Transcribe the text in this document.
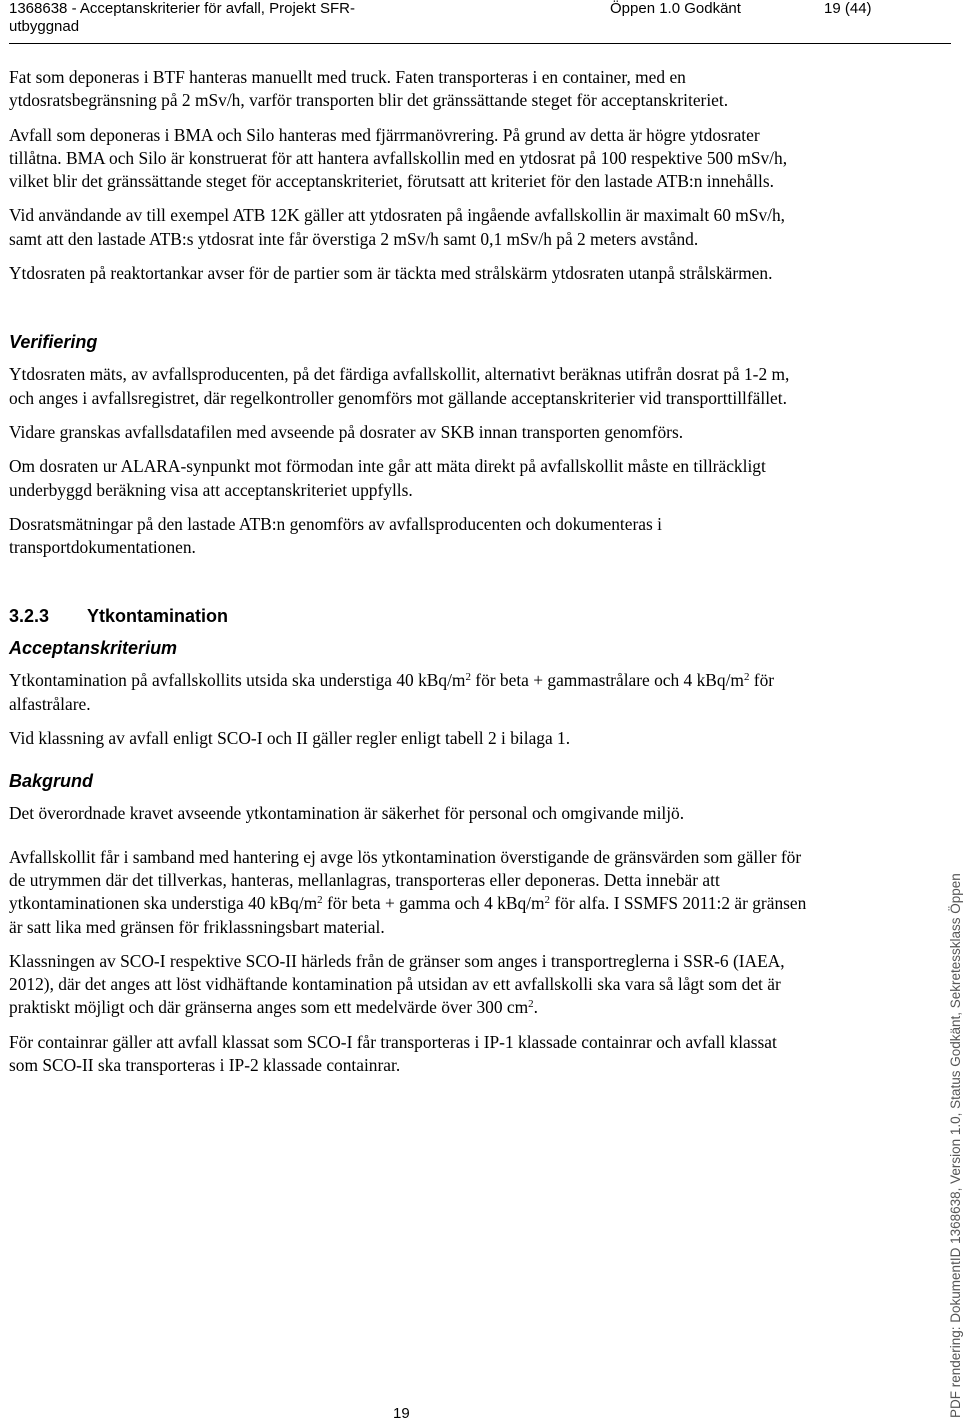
1368638 - Acceptanskriterier för avfall, Projekt SFR-utbyggnad
Öppen 1.0 Godkänt	19 (44)

Fat som deponeras i BTF hanteras manuellt med truck. Faten transporteras i en container, med en ytdosratsbegränsning på 2 mSv/h, varför transporten blir det gränssättande steget för acceptanskriteriet.

Avfall som deponeras i BMA och Silo hanteras med fjärrmanövrering. På grund av detta är högre ytdosrater tillåtna. BMA och Silo är konstruerat för att hantera avfallskollin med en ytdosrat på 100 respektive 500 mSv/h, vilket blir det gränssättande steget för acceptanskriteriet, förutsatt att kriteriet för den lastade ATB:n innehålls.

Vid användande av till exempel ATB 12K gäller att ytdosraten på ingående avfallskollin är maximalt 60 mSv/h, samt att den lastade ATB:s ytdosrat inte får överstiga 2 mSv/h samt 0,1 mSv/h på 2 meters avstånd.

Ytdosraten på reaktortankar avser för de partier som är täckta med strålskärm ytdosraten utanpå strålskärmen.

Verifiering

Ytdosraten mäts, av avfallsproducenten, på det färdiga avfallskollit, alternativt beräknas utifrån dosrat på 1-2 m, och anges i avfallsregistret, där regelkontroller genomförs mot gällande acceptanskriterier vid transporttillfället.

Vidare granskas avfallsdatafilen med avseende på dosrater av SKB innan transporten genomförs.

Om dosraten ur ALARA-synpunkt mot förmodan inte går att mäta direkt på avfallskollit måste en tillräckligt underbyggd beräkning visa att acceptanskriteriet uppfylls.

Dosratsmätningar på den lastade ATB:n genomförs av avfallsproducenten och dokumenteras i transportdokumentationen.

3.2.3 Ytkontamination
Acceptanskriterium

Ytkontamination på avfallskollits utsida ska understiga 40 kBq/$m^2$ för beta + gammastrålare och 4 kBq/$m^2$ för alfastrålare.

Vid klassning av avfall enligt SCO-I och II gäller regler enligt tabell 2 i bilaga 1.

Bakgrund

Det överordnade kravet avseende ytkontamination är säkerhet för personal och omgivande miljö.

Avfallskollit får i samband med hantering ej avge lös ytkontamination överstigande de gränsvärden som gäller för de utrymmen där det tillverkas, hanteras, mellanlagras, transporteras eller deponeras. Detta innebär att ytkontaminationen ska understiga 40 kBq/$m^2$ för beta + gamma och 4 kBq/$m^2$ för alfa. I SSMFS 2011:2 är gränsen är satt lika med gränsen för friklassningsbart material.

Klassningen av SCO-I respektive SCO-II härleds från de gränser som anges i transportreglerna i SSR-6 (IAEA, 2012), där det anges att löst vidhäftande kontamination på utsidan av ett avfallskolli ska vara så lågt som det är praktiskt möjligt och där gränserna anges som ett medelvärde över 300 $cm^2$.

För containrar gäller att avfall klassat som SCO-I får transporteras i IP-1 klassade containrar och avfall klassat som SCO-II ska transporteras i IP-2 klassade containrar.

19	PDF rendering: DokumentID 1368638, Version 1.0, Status Godkänt, Sekretessklass Öppen
